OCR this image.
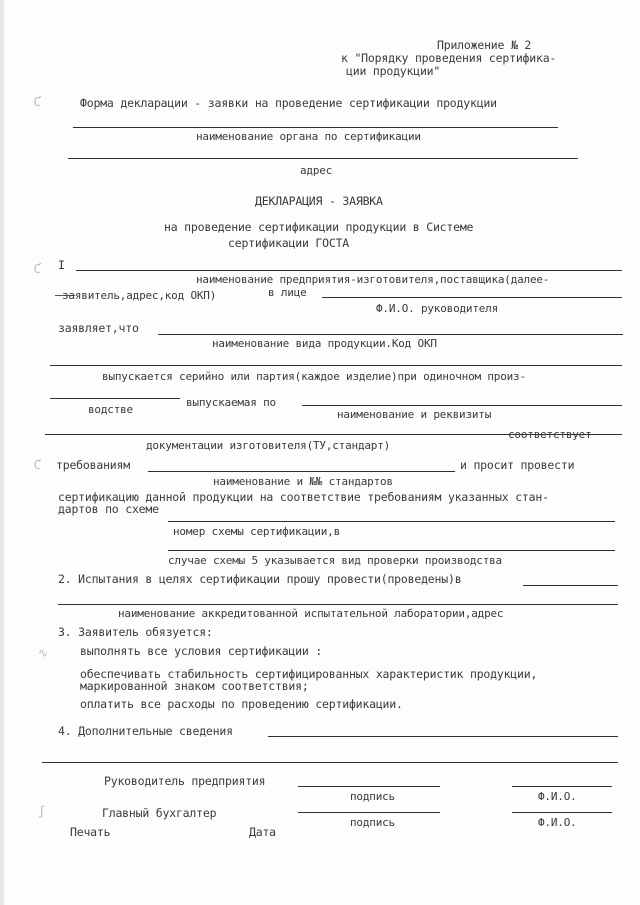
Приложение № 2
к "Порядку проведения сертифика-
ции продукции"
Ƈ	Форма декларации - заявки на проведение сертификации продукции
наименование органа по сертификации
адрес
ДЕКЛАРАЦИЯ - ЗАЯВКА
на проведение сертификации продукции в Системе
сертификации ГОСТА
Ƈ I
наименование предприятия-изготовителя,поставщика(далее-
заявитель,адрес,код ОКП)	в лице
Ф.И.О. руководителя
заявляет,что
наименование вида продукции.Код ОКП
выпускается серийно или партия(каждое изделие)при одиночном произ-
водстве
выпускаемая по
наименование и реквизиты
соответствует
документации изготовителя(ТУ,стандарт)
Ƈ требованиям
наименование и №№ стандартов
и просит провести
сертификацию данной продукции на соответствие требованиям указанных стан-
дартов по схеме
номер схемы сертификации,в
случае схемы 5 указывается вид проверки производства
2. Испытания в целях сертификации прошу провести(проведены)в
наименование аккредитованной испытательной лаборатории,адрес
3. Заявитель обязуется:
∿	выполнять все условия сертификации :
обеспечивать стабильность сертифицированных характеристик продукции,
маркированной знаком соответствия;
оплатить все расходы по проведению сертификации.
4. Дополнительные сведения
Руководитель предприятия
подпись	Ф.И.О.
ʃ	Главный бухгалтер
подпись	Ф.И.О.
Печать	Дата
